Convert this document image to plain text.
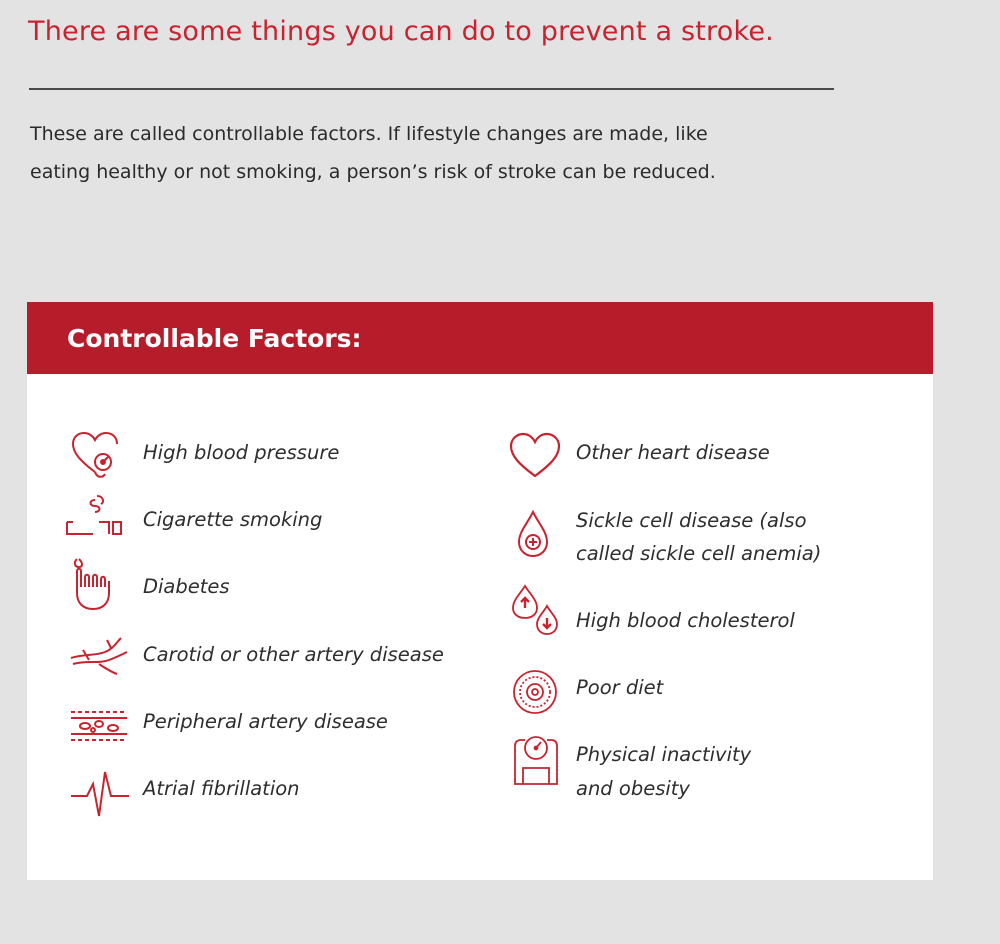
There are some things you can do to prevent a stroke.
These are called controllable factors. If lifestyle changes are made, like eating healthy or not smoking, a person’s risk of stroke can be reduced.
Controllable Factors:
High blood pressure
Cigarette smoking
Diabetes
Carotid or other artery disease
Peripheral artery disease
Atrial fibrillation
Other heart disease
Sickle cell disease (also
called sickle cell anemia)
High blood cholesterol
Poor diet
Physical inactivity
and obesity
